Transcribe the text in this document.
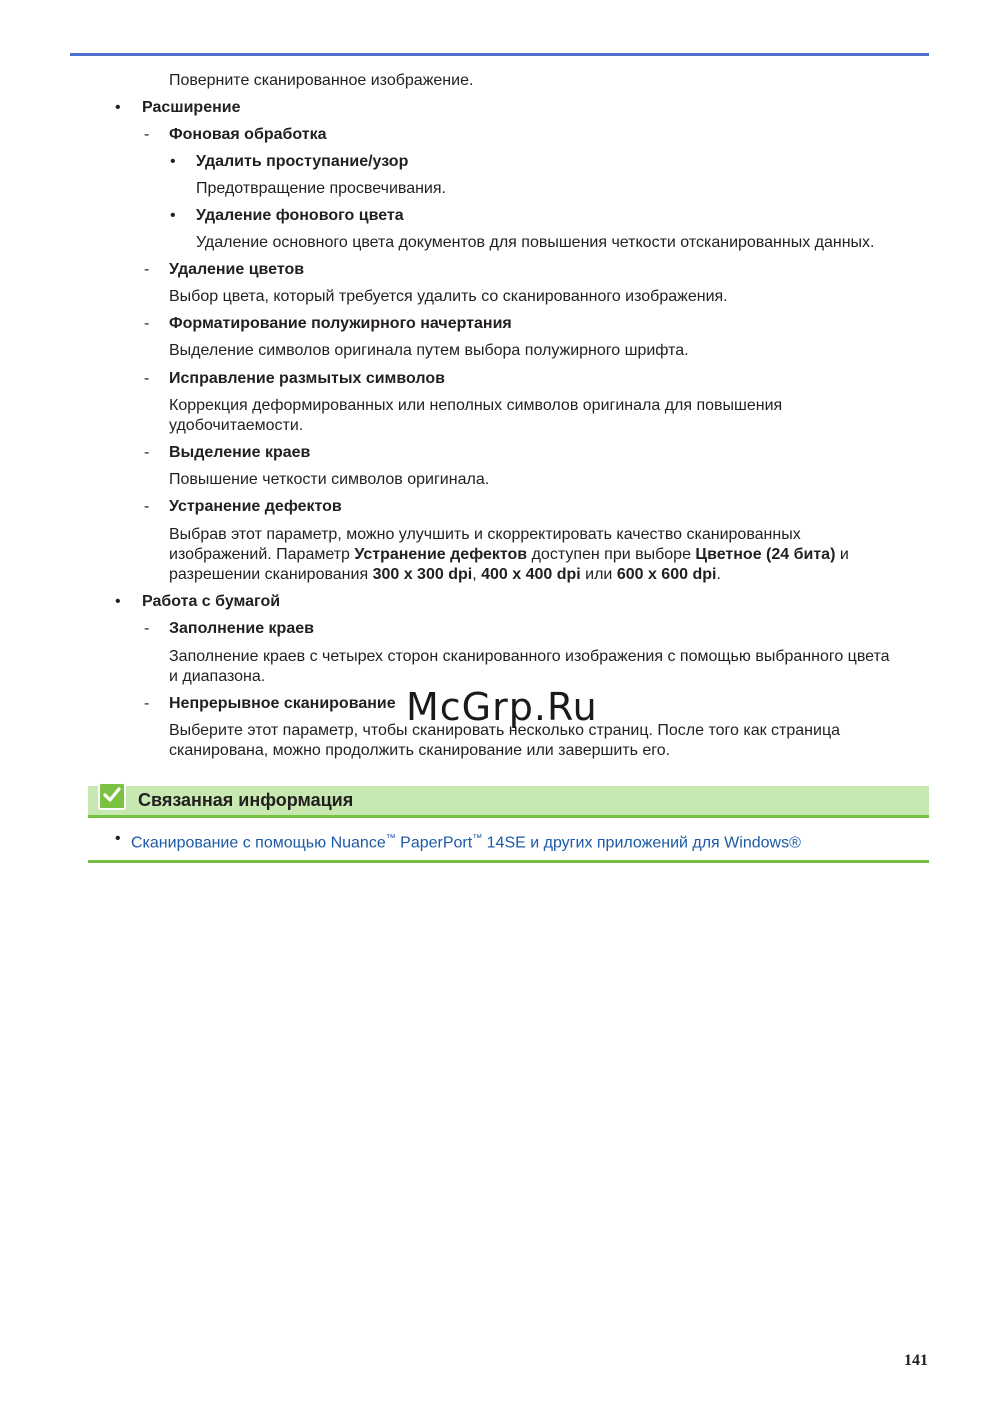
Поверните сканированное изображение.
• Расширение
- Фоновая обработка
• Удалить проступание/узор
Предотвращение просвечивания.
• Удаление фонового цвета
Удаление основного цвета документов для повышения четкости отсканированных данных.
- Удаление цветов
Выбор цвета, который требуется удалить со сканированного изображения.
- Форматирование полужирного начертания
Выделение символов оригинала путем выбора полужирного шрифта.
- Исправление размытых символов
Коррекция деформированных или неполных символов оригинала для повышения
удобочитаемости.
- Выделение краев
Повышение четкости символов оригинала.
- Устранение дефектов
Выбрав этот параметр, можно улучшить и скорректировать качество сканированных
изображений. Параметр Устранение дефектов доступен при выборе Цветное (24 бита) и
разрешении сканирования 300 x 300 dpi, 400 x 400 dpi или 600 x 600 dpi.
• Работа с бумагой
- Заполнение краев
Заполнение краев с четырех сторон сканированного изображения с помощью выбранного цвета
и диапазона.
- Непрерывное сканирование
Выберите этот параметр, чтобы сканировать несколько страниц. После того как страница
сканирована, можно продолжить сканирование или завершить его.
McGrp.Ru
Связанная информация
• Сканирование с помощью Nuance™ PaperPort™ 14SE и других приложений для Windows®
141
